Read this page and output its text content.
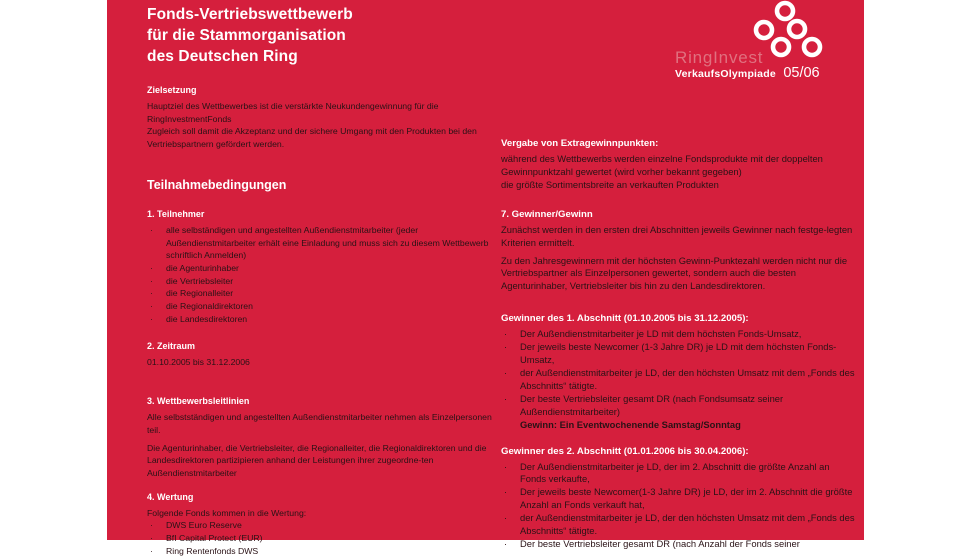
Fonds-Vertriebswettbewerb
für die Stammorganisation
des Deutschen Ring	RingInvest
VerkaufsOlympiade 05/06
Zielsetzung
Hauptziel des Wettbewerbes ist die verstärkte Neukundengewinnung für die RingInvestmentFonds
Zugleich soll damit die Akzeptanz und der sichere Umgang mit den Produkten bei den Vertriebspartnern gefördert werden.
Teilnahmebedingungen
1. Teilnehmer
· alle selbständigen und angestellten Außendienstmitarbeiter (jeder Außendienstmitarbeiter erhält eine Einladung und muss sich zu diesem Wettbewerb schriftlich Anmelden)
· die Agenturinhaber
· die Vertriebsleiter
· die Regionalleiter
· die Regionaldirektoren
· die Landesdirektoren
2. Zeitraum
01.10.2005 bis 31.12.2006
3. Wettbewerbsleitlinien
Alle selbstständigen und angestellten Außendienstmitarbeiter nehmen als Einzelpersonen teil.
Die Agenturinhaber, die Vertriebsleiter, die Regionalleiter, die Regionaldirektoren und die Landesdirektoren partizipieren anhand der Leistungen ihrer zugeordne-ten Außendienstmitarbeiter
4. Wertung
Folgende Fonds kommen in die Wertung:
· DWS Euro Reserve
· BfI Capital Protect (EUR)
· Ring Rentenfonds DWS
Vergabe von Extragewinnpunkten:
während des Wettbewerbs werden einzelne Fondsprodukte mit der doppelten Gewinnpunktzahl gewertet (wird vorher bekannt gegeben)
die größte Sortimentsbreite an verkauften Produkten
7. Gewinner/Gewinn
Zunächst werden in den ersten drei Abschnitten jeweils Gewinner nach festge-legten Kriterien ermittelt.
Zu den Jahresgewinnern mit der höchsten Gewinn-Punktezahl werden nicht nur die Vertriebspartner als Einzelpersonen gewertet, sondern auch die besten Agenturinhaber, Vertriebsleiter bis hin zu den Landesdirektoren.
Gewinner des 1. Abschnitt (01.10.2005 bis 31.12.2005):
· Der Außendienstmitarbeiter je LD mit dem höchsten Fonds-Umsatz,
· Der jeweils beste Newcomer (1-3 Jahre DR) je LD mit dem höchsten Fonds-Umsatz,
· der Außendienstmitarbeiter je LD, der den höchsten Umsatz mit dem „Fonds des Abschnitts“ tätigte.
· Der beste Vertriebsleiter gesamt DR (nach Fondsumsatz seiner Außendienstmitarbeiter)
Gewinn: Ein Eventwochenende Samstag/Sonntag
Gewinner des 2. Abschnitt (01.01.2006 bis 30.04.2006):
· Der Außendienstmitarbeiter je LD, der im 2. Abschnitt die größte Anzahl an Fonds verkaufte,
· Der jeweils beste Newcomer(1-3 Jahre DR) je LD, der im 2. Abschnitt die größte Anzahl an Fonds verkauft hat,
· der Außendienstmitarbeiter je LD, der den höchsten Umsatz mit dem „Fonds des Abschnitts“ tätigte.
· Der beste Vertriebsleiter gesamt DR (nach Anzahl der Fonds seiner
